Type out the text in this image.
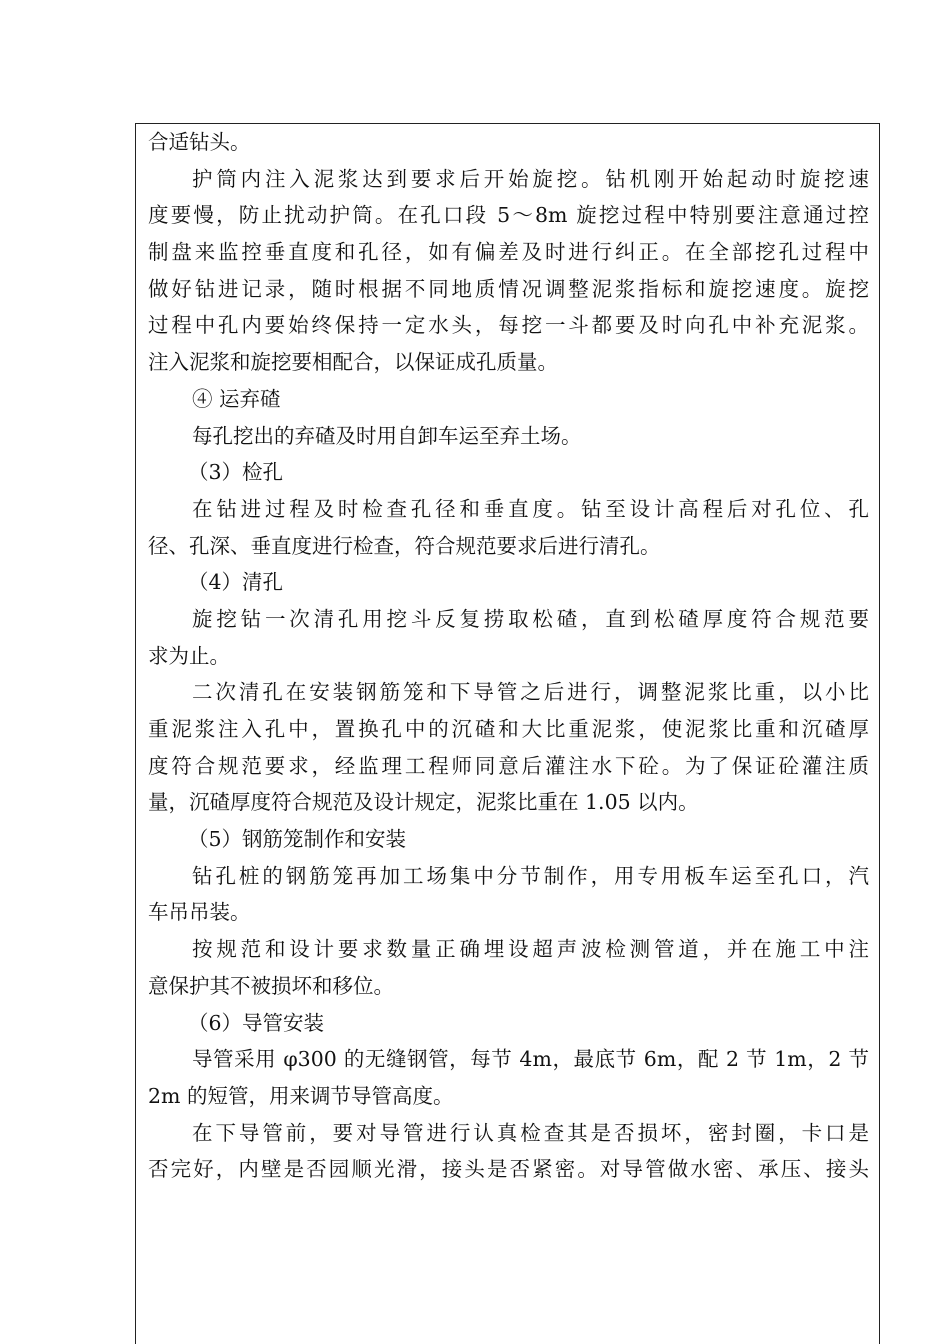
合适钻头。
护筒内注入泥浆达到要求后开始旋挖。钻机刚开始起动时旋挖速
度要慢，防止扰动护筒。在孔口段 5～8m 旋挖过程中特别要注意通过控
制盘来监控垂直度和孔径，如有偏差及时进行纠正。在全部挖孔过程中
做好钻进记录，随时根据不同地质情况调整泥浆指标和旋挖速度。旋挖
过程中孔内要始终保持一定水头，每挖一斗都要及时向孔中补充泥浆。
注入泥浆和旋挖要相配合，以保证成孔质量。
④ 运弃碴
每孔挖出的弃碴及时用自卸车运至弃土场。
（3）检孔
在钻进过程及时检查孔径和垂直度。钻至设计高程后对孔位、孔
径、孔深、垂直度进行检查，符合规范要求后进行清孔。
（4）清孔
旋挖钻一次清孔用挖斗反复捞取松碴，直到松碴厚度符合规范要
求为止。
二次清孔在安装钢筋笼和下导管之后进行，调整泥浆比重，以小比
重泥浆注入孔中，置换孔中的沉碴和大比重泥浆，使泥浆比重和沉碴厚
度符合规范要求，经监理工程师同意后灌注水下砼。为了保证砼灌注质
量，沉碴厚度符合规范及设计规定，泥浆比重在 1.05 以内。
（5）钢筋笼制作和安装
钻孔桩的钢筋笼再加工场集中分节制作，用专用板车运至孔口，汽
车吊吊装。
按规范和设计要求数量正确埋设超声波检测管道，并在施工中注
意保护其不被损坏和移位。
（6）导管安装
导管采用 φ300 的无缝钢管，每节 4m，最底节 6m，配 2 节 1m，2 节
2m 的短管，用来调节导管高度。
在下导管前，要对导管进行认真检查其是否损坏，密封圈，卡口是
否完好，内壁是否园顺光滑，接头是否紧密。对导管做水密、承压、接头
